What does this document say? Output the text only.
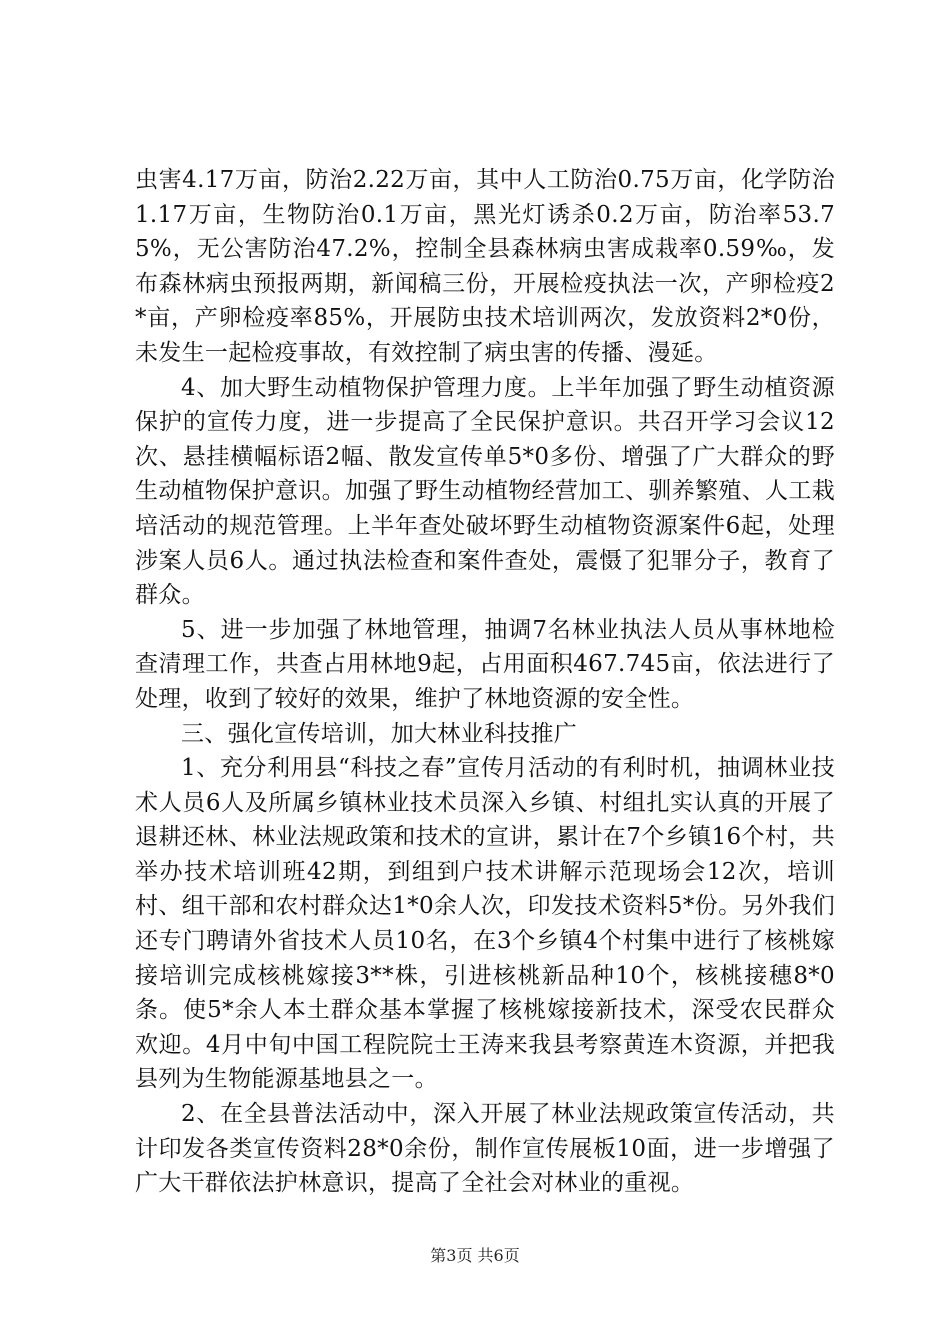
虫害4.17万亩，防治2.22万亩，其中人工防治0.75万亩，化学防治1.17万亩，生物防治0.1万亩，黑光灯诱杀0.2万亩，防治率53.75%，无公害防治47.2%，控制全县森林病虫害成栽率0.59‰，发布森林病虫预报两期，新闻稿三份，开展检疫执法一次，产卵检疫2*亩，产卵检疫率85%，开展防虫技术培训两次，发放资料2*0份，未发生一起检疫事故，有效控制了病虫害的传播、漫延。

4、加大野生动植物保护管理力度。上半年加强了野生动植资源保护的宣传力度，进一步提高了全民保护意识。共召开学习会议12次、悬挂横幅标语2幅、散发宣传单5*0多份、增强了广大群众的野生动植物保护意识。加强了野生动植物经营加工、驯养繁殖、人工栽培活动的规范管理。上半年查处破坏野生动植物资源案件6起，处理涉案人员6人。通过执法检查和案件查处，震慑了犯罪分子，教育了群众。

5、进一步加强了林地管理，抽调7名林业执法人员从事林地检查清理工作，共查占用林地9起，占用面积467.745亩，依法进行了处理，收到了较好的效果，维护了林地资源的安全性。

三、强化宣传培训，加大林业科技推广

1、充分利用县“科技之春”宣传月活动的有利时机，抽调林业技术人员6人及所属乡镇林业技术员深入乡镇、村组扎实认真的开展了退耕还林、林业法规政策和技术的宣讲，累计在7个乡镇16个村，共举办技术培训班42期，到组到户技术讲解示范现场会12次，培训村、组干部和农村群众达1*0余人次，印发技术资料5*份。另外我们还专门聘请外省技术人员10名，在3个乡镇4个村集中进行了核桃嫁接培训完成核桃嫁接3**株，引进核桃新品种10个，核桃接穗8*0条。使5*余人本土群众基本掌握了核桃嫁接新技术，深受农民群众欢迎。4月中旬中国工程院院士王涛来我县考察黄连木资源，并把我县列为生物能源基地县之一。

2、在全县普法活动中，深入开展了林业法规政策宣传活动，共计印发各类宣传资料28*0余份，制作宣传展板10面，进一步增强了广大干群依法护林意识，提高了全社会对林业的重视。

第3页 共6页
